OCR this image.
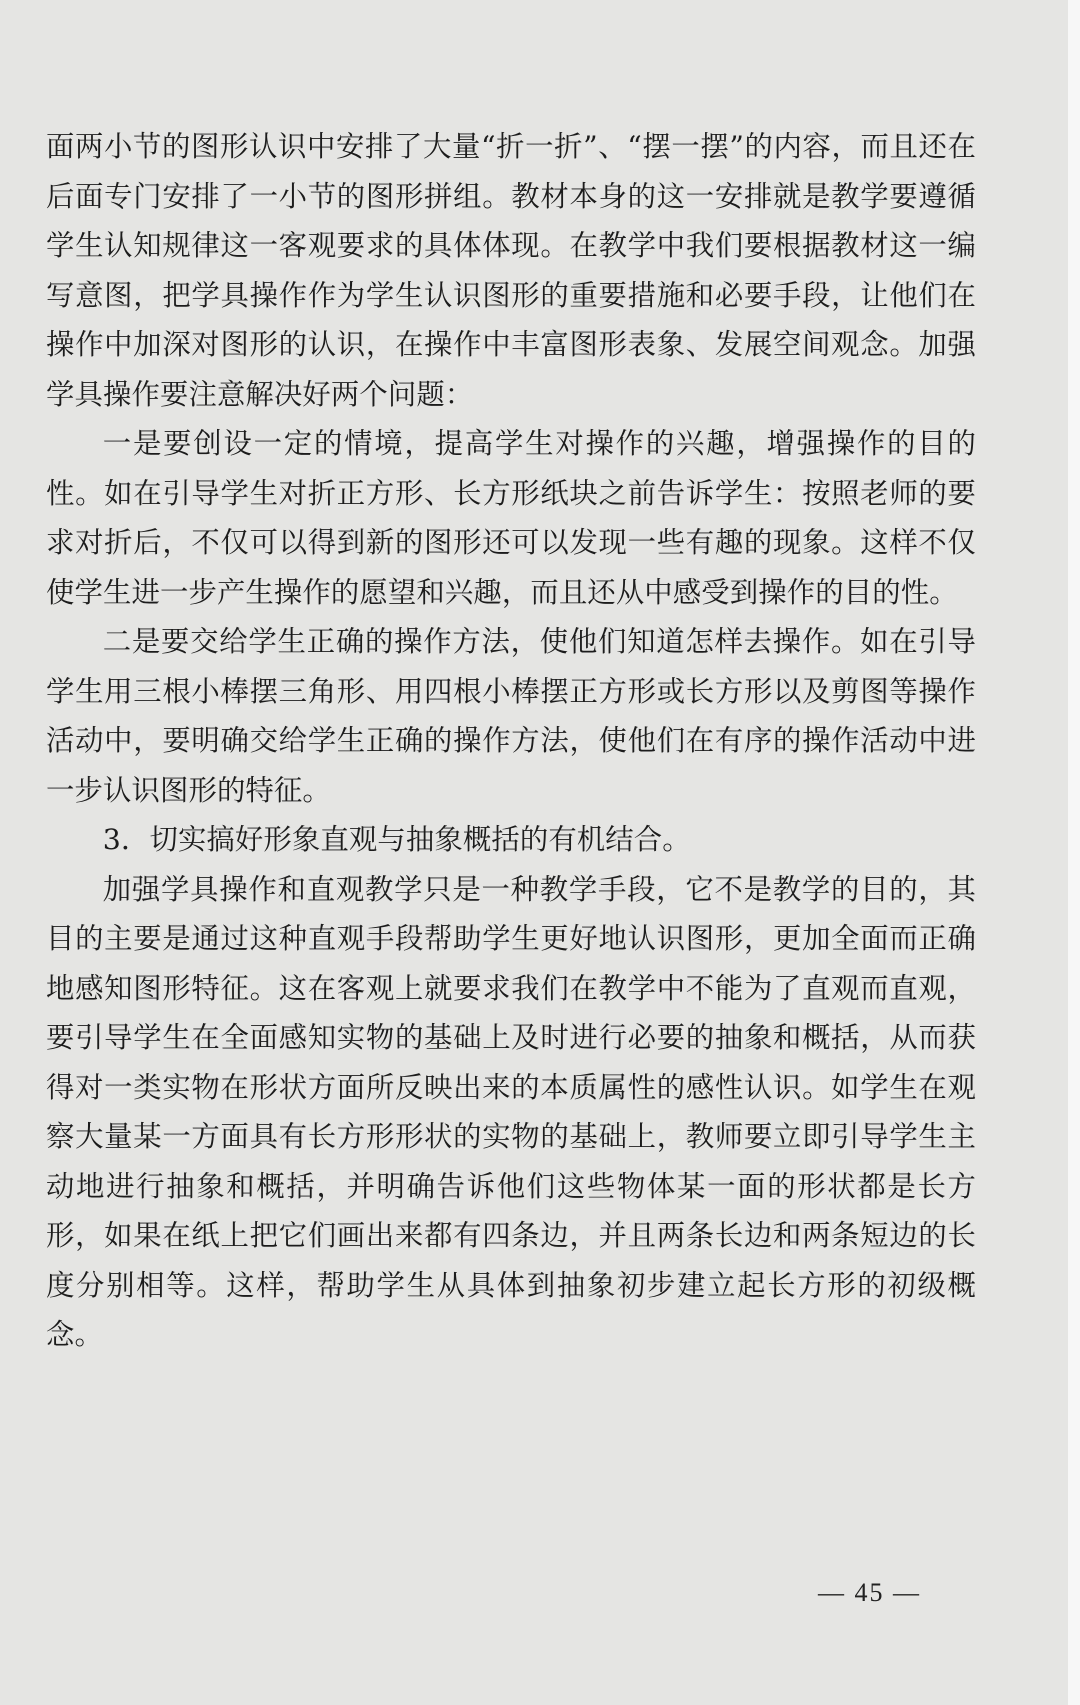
面两小节的图形认识中安排了大量“折一折”、“摆一摆”的内容，而且还在后面专门安排了一小节的图形拼组。教材本身的这一安排就是教学要遵循学生认知规律这一客观要求的具体体现。在教学中我们要根据教材这一编写意图，把学具操作作为学生认识图形的重要措施和必要手段，让他们在操作中加深对图形的认识，在操作中丰富图形表象、发展空间观念。加强学具操作要注意解决好两个问题：

一是要创设一定的情境，提高学生对操作的兴趣，增强操作的目的性。如在引导学生对折正方形、长方形纸块之前告诉学生：按照老师的要求对折后，不仅可以得到新的图形还可以发现一些有趣的现象。这样不仅使学生进一步产生操作的愿望和兴趣，而且还从中感受到操作的目的性。

二是要交给学生正确的操作方法，使他们知道怎样去操作。如在引导学生用三根小棒摆三角形、用四根小棒摆正方形或长方形以及剪图等操作活动中，要明确交给学生正确的操作方法，使他们在有序的操作活动中进一步认识图形的特征。

3．切实搞好形象直观与抽象概括的有机结合。

加强学具操作和直观教学只是一种教学手段，它不是教学的目的，其目的主要是通过这种直观手段帮助学生更好地认识图形，更加全面而正确地感知图形特征。这在客观上就要求我们在教学中不能为了直观而直观，要引导学生在全面感知实物的基础上及时进行必要的抽象和概括，从而获得对一类实物在形状方面所反映出来的本质属性的感性认识。如学生在观察大量某一方面具有长方形形状的实物的基础上，教师要立即引导学生主动地进行抽象和概括，并明确告诉他们这些物体某一面的形状都是长方形，如果在纸上把它们画出来都有四条边，并且两条长边和两条短边的长度分别相等。这样，帮助学生从具体到抽象初步建立起长方形的初级概念。

— 45 —
